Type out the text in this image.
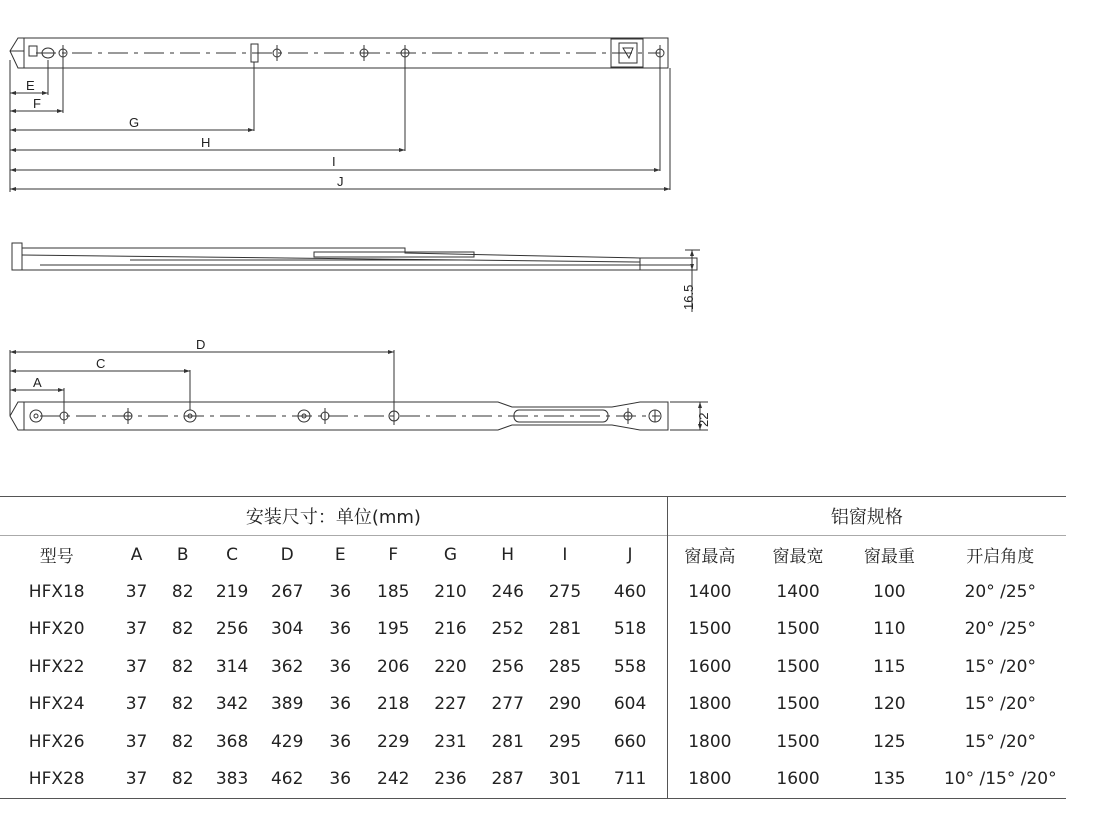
E
F
G
H
I
J
16.5
D
C
A
22
安装尺寸：单位(mm)											铝窗规格			
型号	A	B	C	D	E	F	G	H	I	J	窗最高	窗最宽	窗最重	开启角度
HFX18	37	82	219	267	36	185	210	246	275	460	1400	1400	100	20° /25°
HFX20	37	82	256	304	36	195	216	252	281	518	1500	1500	110	20° /25°
HFX22	37	82	314	362	36	206	220	256	285	558	1600	1500	115	15° /20°
HFX24	37	82	342	389	36	218	227	277	290	604	1800	1500	120	15° /20°
HFX26	37	82	368	429	36	229	231	281	295	660	1800	1500	125	15° /20°
HFX28	37	82	383	462	36	242	236	287	301	711	1800	1600	135	10° /15° /20°
